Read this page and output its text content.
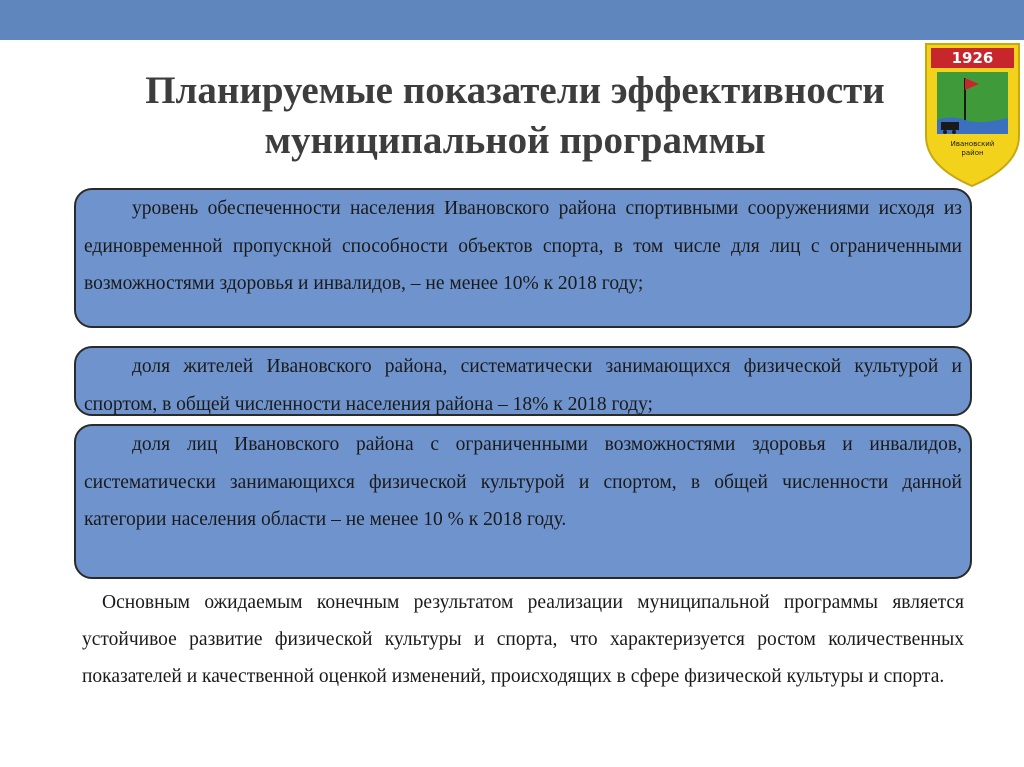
Планируемые показатели эффективности
муниципальной программы
1926
Ивановский
район
уровень обеспеченности населения Ивановского района спортивными сооружениями исходя из единовременной пропускной способности объектов спорта, в том числе для лиц с ограниченными возможностями здоровья и инвалидов, – не менее 10% к 2018 году;
доля жителей Ивановского района, систематически занимающихся физической культурой и спортом, в общей численности населения района – 18% к 2018 году;
доля лиц Ивановского района с ограниченными возможностями здоровья и инвалидов, систематически занимающихся физической культурой и спортом, в общей численности данной категории населения области – не менее 10 % к 2018 году.
Основным ожидаемым конечным результатом реализации муниципальной программы является устойчивое развитие физической культуры и спорта, что характеризуется ростом количественных показателей и качественной оценкой изменений, происходящих в сфере физической культуры и спорта.
